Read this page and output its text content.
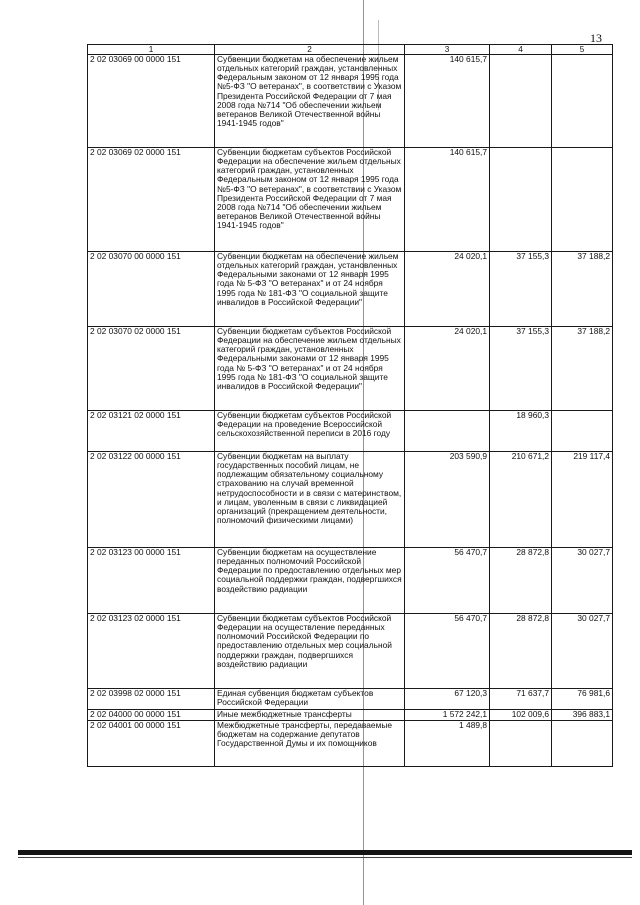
13
1	2	3	4	5
2 02 03069 00 0000 151	Субвенции бюджетам на обеспечение жильем отдельных категорий граждан, установленных Федеральным законом от 12 января 1995 года №5-ФЗ "О ветеранах", в соответствии с Указом Президента Российской Федерации от 7 мая 2008 года №714 "Об обеспечении жильем ветеранов Великой Отечественной войны 1941-1945 годов"	140 615,7		
2 02 03069 02 0000 151	Субвенции бюджетам субъектов Российской Федерации на обеспечение жильем отдельных категорий граждан, установленных Федеральным законом от 12 января 1995 года №5-ФЗ "О ветеранах", в соответствии с Указом Президента Российской Федерации от 7 мая 2008 года №714 "Об обеспечении жильем ветеранов Великой Отечественной войны 1941-1945 годов"	140 615,7		
2 02 03070 00 0000 151	Субвенции бюджетам на обеспечение жильем отдельных категорий граждан, установленных Федеральными законами от 12 января 1995 года № 5-ФЗ "О ветеранах" и от 24 ноября 1995 года № 181-ФЗ "О социальной защите инвалидов в Российской Федерации"	24 020,1	37 155,3	37 188,2
2 02 03070 02 0000 151	Субвенции бюджетам субъектов Российской Федерации на обеспечение жильем отдельных категорий граждан, установленных Федеральными законами от 12 января 1995 года № 5-ФЗ "О ветеранах" и от 24 ноября 1995 года № 181-ФЗ "О социальной защите инвалидов в Российской Федерации"	24 020,1	37 155,3	37 188,2
2 02 03121 02 0000 151	Субвенции бюджетам субъектов Российской Федерации на проведение Всероссийской сельскохозяйственной переписи в 2016 году		18 960,3	
2 02 03122 00 0000 151	Субвенции бюджетам на выплату государственных пособий лицам, не подлежащим обязательному социальному страхованию на случай временной нетрудоспособности и в связи с материнством, и лицам, уволенным в связи с ликвидацией организаций (прекращением деятельности, полномочий физическими лицами)	203 590,9	210 671,2	219 117,4
2 02 03123 00 0000 151	Субвенции бюджетам на осуществление переданных полномочий Российской Федерации по предоставлению отдельных мер социальной поддержки граждан, подвергшихся воздействию радиации	56 470,7	28 872,8	30 027,7
2 02 03123 02 0000 151	Субвенции бюджетам субъектов Российской Федерации на осуществление переданных полномочий Российской Федерации по предоставлению отдельных мер социальной поддержки граждан, подвергшихся воздействию радиации	56 470,7	28 872,8	30 027,7
2 02 03998 02 0000 151	Единая субвенция бюджетам субъектов Российской Федерации	67 120,3	71 637,7	76 981,6
2 02 04000 00 0000 151	Иные межбюджетные трансферты	1 572 242,1	102 009,6	396 883,1
2 02 04001 00 0000 151	Межбюджетные трансферты, передаваемые бюджетам на содержание депутатов Государственной Думы и их помощников	1 489,8		
